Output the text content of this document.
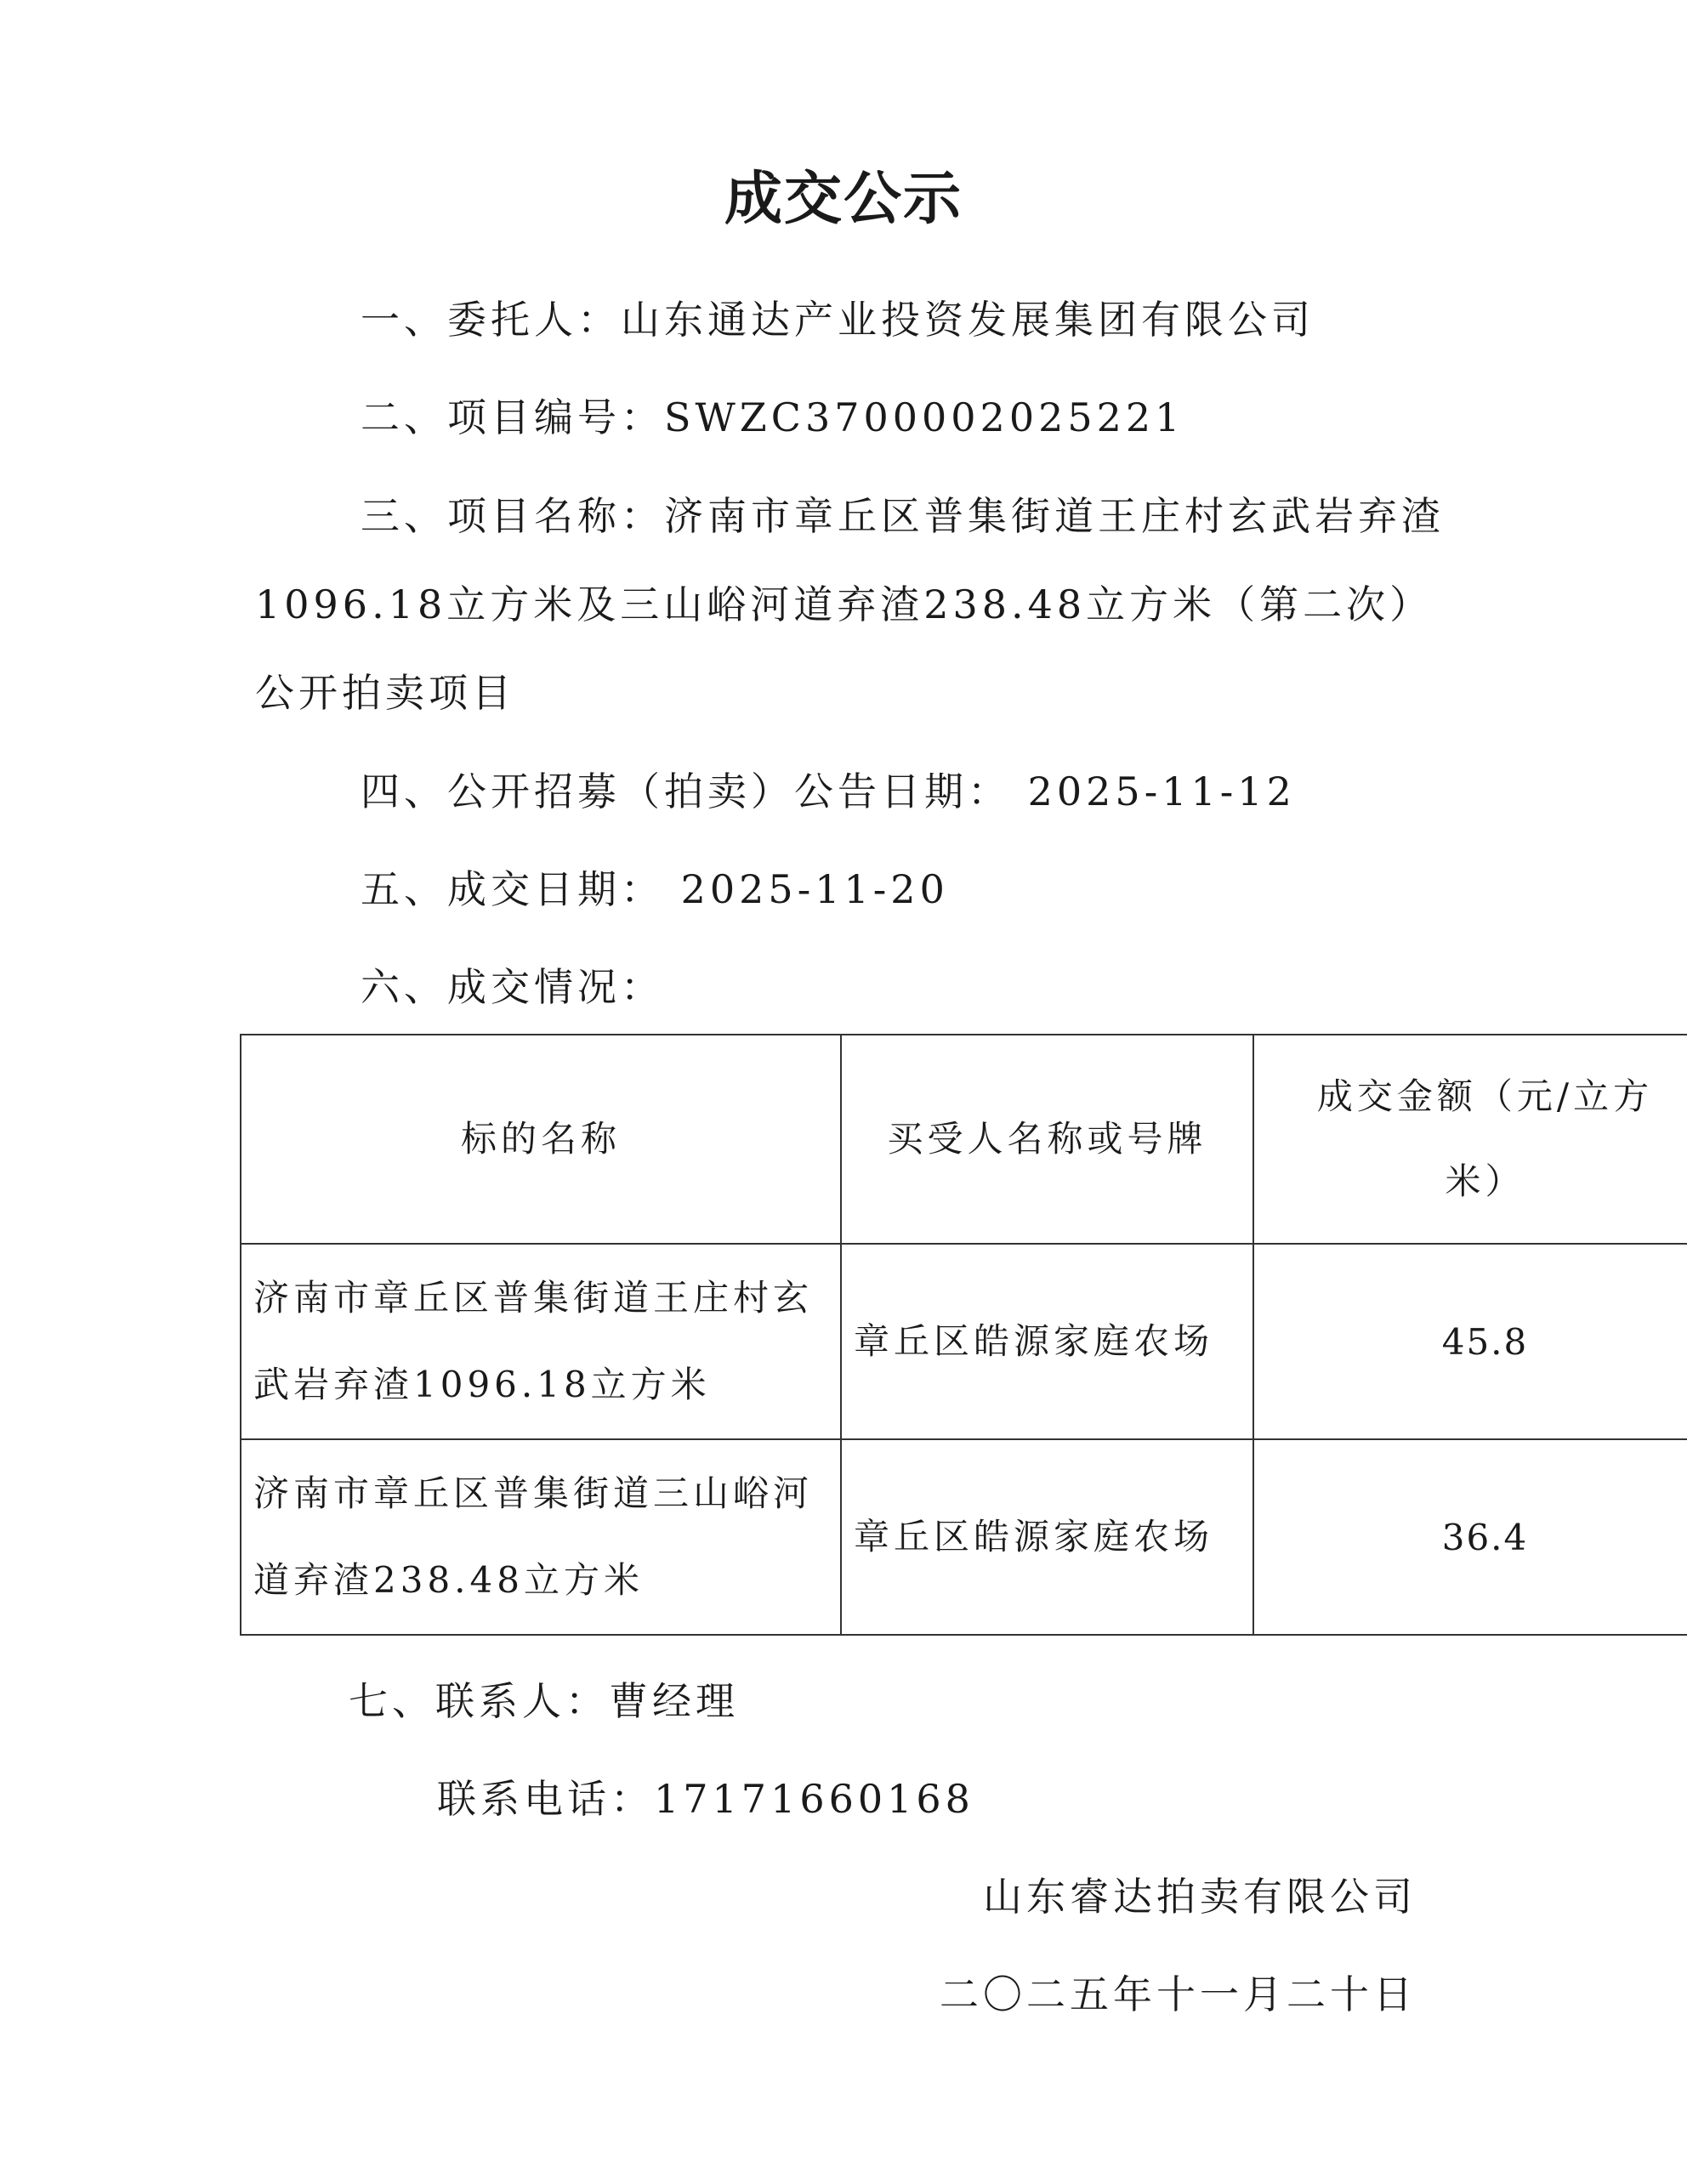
成交公示
一、委托人：山东通达产业投资发展集团有限公司
二、项目编号：SWZC3700002025221
三、项目名称：济南市章丘区普集街道王庄村玄武岩弃渣1096.18立方米及三山峪河道弃渣238.48立方米（第二次）公开拍卖项目
四、公开招募（拍卖）公告日期： 2025-11-12
五、成交日期： 2025-11-20
六、成交情况：
标的名称	买受人名称或号牌	成交金额（元/立方米）
济南市章丘区普集街道王庄村玄武岩弃渣1096.18立方米	章丘区皓源家庭农场	45.8
济南市章丘区普集街道三山峪河道弃渣238.48立方米	章丘区皓源家庭农场	36.4
七、联系人：曹经理
联系电话：17171660168
山东睿达拍卖有限公司
二〇二五年十一月二十日
